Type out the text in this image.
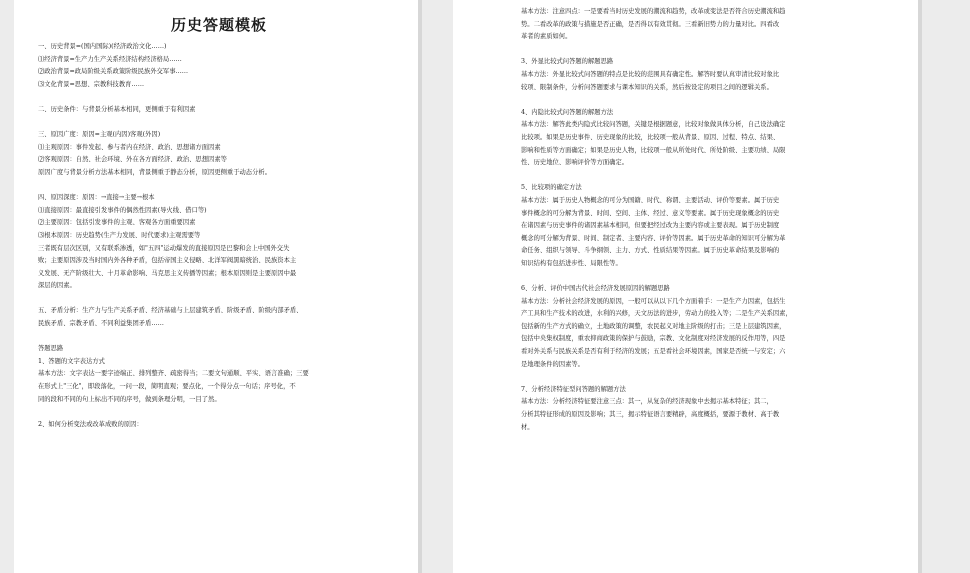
​
历史答题模板
一、历史背景=(国内国际)(经济政治文化……)
⑴经济背景=生产力生产关系经济结构经济格局……
⑵政治背景=政局阶级关系政策阶级民族外交军事……
⑶文化背景=思想、宗教科技教育……
二、历史条件：与背景分析基本相同，更侧重于有利因素
三、原因广度：原因=主观(内因)客观(外因)
⑴主观原因：事件发起、参与者内在经济、政治、思想诸方面因素
⑵客观原因：自然、社会环境、外在各方面经济、政治、思想因素等
原因广度与背景分析方法基本相同，背景侧重于静态分析，原因更侧重于动态分析。
四、原因深度：原因：→直接→主要→根本
⑴直接原因：最直接引发事件的偶然性因素(导火线、借口等)
⑵主要原因：包括引发事件的主观、客观各方面重要因素
⑶根本原因：历史趋势(生产力发展、时代要求)主观需要等
三者既有层次区别，又有联系渗透，如"五四"运动爆发的直接原因是巴黎和会上中国外交失
败；主要原因涉及当时国内外各种矛盾，包括帝国主义侵略、北洋军阀黑暗统治、民族资本主
义发展、无产阶级壮大、十月革命影响、马克思主义传播等因素；根本原因则是主要原因中最
深层的因素。
五、矛盾分析：生产力与生产关系矛盾、经济基础与上层建筑矛盾、阶级矛盾、阶级内部矛盾、
民族矛盾、宗教矛盾、不同利益集团矛盾……
答题思路
1、答题的文字表达方式
基本方法：文字表达一要字迹端正、排列整齐、疏密得当；二要文句通顺、平实、语言准确；三要
在形式上"三化"，即段落化，一问一段，简明直观；要点化，一个得分点一句话；序号化，不
同的段和不同的句上标出不同的序号，做到条理分明，一目了然。
2、如何分析变法或改革成败的原因：
​
基本方法：注意四点：一是要看当时历史发展的潮流和趋势，改革或变法是否符合历史潮流和趋
势。二看改革的政策与措施是否正确，是否得以有效贯彻。三看新旧势力的力量对比。四看改
革者的素质如何。
3、外显比较式问答题的解题思路
基本方法：外显比较式问答题的特点是比较的范围具有确定性。解答时要认真审清比较对象比
较项、限制条件，分析问答题要求与课本知识的关系，然后按设定的项目之间的逻辑关系。
4、内隐比较式问答题的解题方法
基本方法：解答此类内隐式比较问答题，关键是根据题意，比较对象做具体分析，自己设法确定
比较项。如果是历史事件、历史现象的比较，比较项一般从背景、原因、过程、特点、结果、
影响和性质等方面确定；如果是历史人物，比较项一般从所处时代、所处阶级、主要功绩、局限
性、历史地位、影响评价等方面确定。
5、比较项的确定方法
基本方法：属于历史人物概念的可分为国籍、时代、称谓、主要活动、评价等要素。属于历史
事件概念的可分解为背景、时间、空间、主体、经过、意义等要素。属于历史现象概念的历史
在诸因素与历史事件的诸因素基本相同，但要把经过改为主要内容或主要表现。属于历史制度
概念的可分解为背景、时间、制定者、主要内容、评价等因素。属于历史革命的知识可分解为革
命任务、组织与领导、斗争纲领、主力、方式、性质结果等因素。属于历史革命结果及影响的
知识结构有包括进步性、局限性等。
6、分析、评价中国古代社会经济发展原因的解题思路
基本方法：分析社会经济发展的原因，一般可以从以下几个方面着手：一是生产力因素，包括生
产工具和生产技术的改进，水利的兴修，天文历法的进步，劳动力的投入等；二是生产关系因素，
包括新的生产方式的确立，土地政策的调整，农民起义对地主阶级的打击；三是上层建筑因素，
包括中央集权制度，重农抑商政策的保护与鼓励，宗教、文化制度对经济发展的反作用等，四是
看对外关系与民族关系是否有利于经济的发展；五是看社会环境因素，国家是否统一与安定；六
是地理条件的因素等。
7、分析经济特征型问答题的解题方法
基本方法：分析经济特征要注意三点：其一，从复杂的经济现象中去揭示基本特征；其二，
分析其特征形成的原因及影响；其三，揭示特征语言要精辟，高度概括，要源于教材、高于教
材。
